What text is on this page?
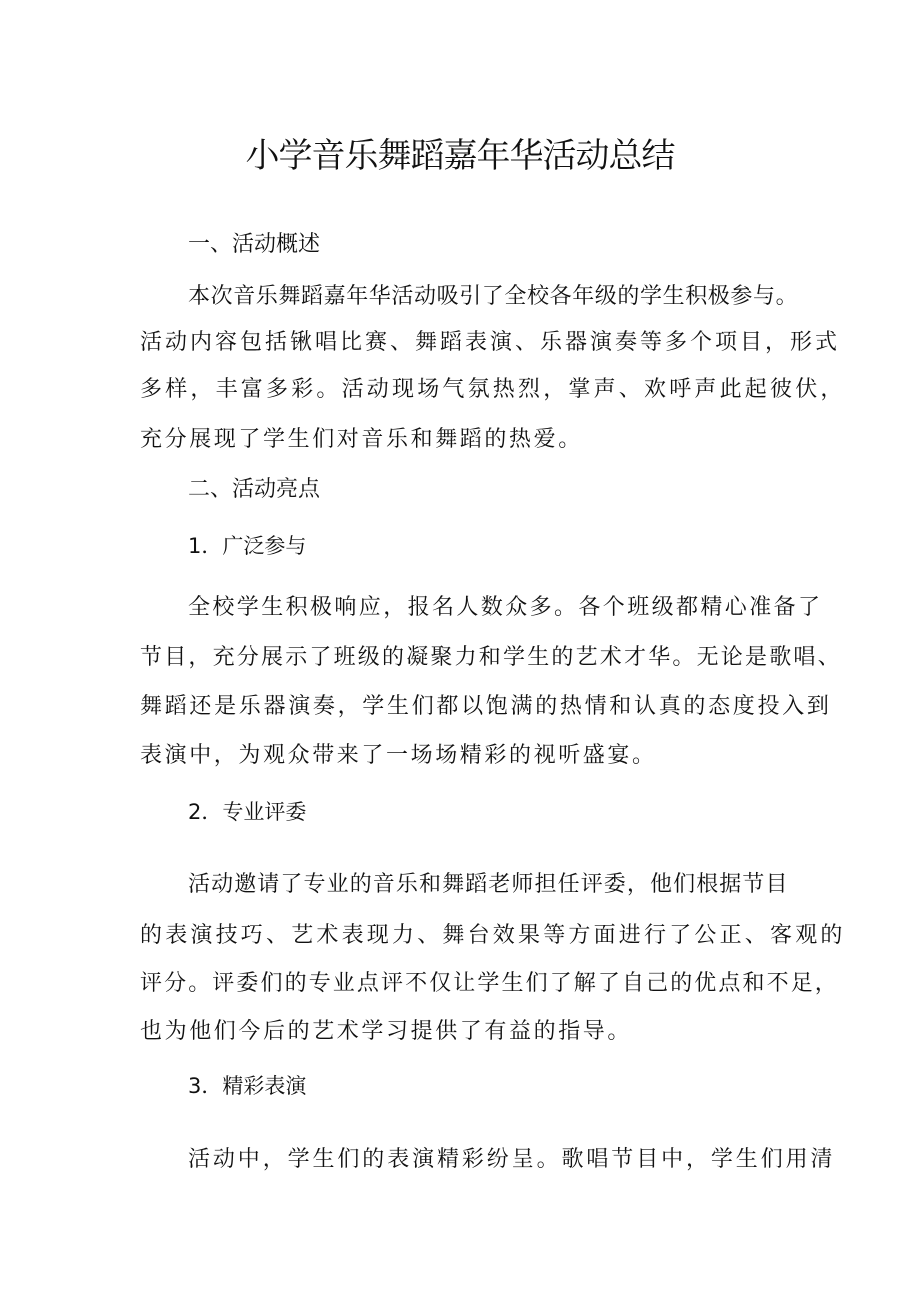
小学音乐舞蹈嘉年华活动总结
一、活动概述
本次音乐舞蹈嘉年华活动吸引了全校各年级的学生积极参与。
活动内容包括锹唱比赛、舞蹈表演、乐器演奏等多个项目，形式
多样，丰富多彩。活动现场气氛热烈，掌声、欢呼声此起彼伏，
充分展现了学生们对音乐和舞蹈的热爱。
二、活动亮点
1．广泛参与
全校学生积极响应，报名人数众多。各个班级都精心准备了
节目，充分展示了班级的凝聚力和学生的艺术才华。无论是歌唱、
舞蹈还是乐器演奏，学生们都以饱满的热情和认真的态度投入到
表演中，为观众带来了一场场精彩的视听盛宴。
2．专业评委
活动邀请了专业的音乐和舞蹈老师担任评委，他们根据节目
的表演技巧、艺术表现力、舞台效果等方面进行了公正、客观的
评分。评委们的专业点评不仅让学生们了解了自己的优点和不足，
也为他们今后的艺术学习提供了有益的指导。
3．精彩表演
活动中，学生们的表演精彩纷呈。歌唱节目中，学生们用清
